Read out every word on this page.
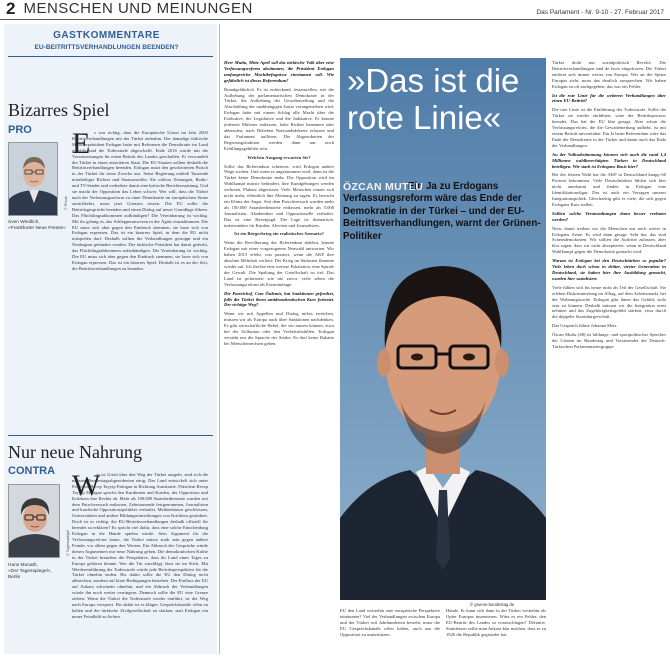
2 MENSCHEN UND MEINUNGEN	Das Parlament - Nr. 9-10 - 27. Februar 2017
GASTKOMMENTARE
EU-BEITRITTSVERHANDLUNGEN BEENDEN?
Bizarres Spiel
PRO
© Privat
Sven Weidlich,
»Frankfurter Neue Presse«
E s war richtig, dass die Europäische Union im Jahr 2005 Beitrittsverhandlungen mit der Türkei aufnahm. Der damalige türkische Ministerpräsident Erdogan hatte mit Reformen die Demokratie im Land gestärkt und die Todesstrafe abgeschafft. Ende 2016 wurde mit die Voraussetzungen für einen Beitritt des Landes geschaffen. Er verwandelt die Türkei in einen autoritären Staat. Die EU-Staaten sollten deshalb die Beitrittsverhandlungen beenden. Erdogan nutzt den gescheiterten Putsch in der Türkei für seine Zwecke aus. Seine Regierung entließ Tausende missliebiger Richter und Staatsanwälte. Sie schloss Zeitungen, Radio- und TV-Sender und verhaftete damit eine kritische Berichterstattung. Und sie macht der Opposition das Leben schwer. Wer will, dass die Türkei nach der Verfassungsreform zu einer Demokratie im europäischen Sinne zurückkehrt, muss jetzt Grenzen setzen. Die EU sollte die Beitrittsgespräche beenden und einen Dialog auf neuer Grundlage führen. Das Flüchtlingsabkommen aufkündigen? Die Vereinbarung ist wichtig. Mit ihr gelang es, das Schlepperunwesen in der Ägäis einzudämmen. Die EU muss sich aber gegen den Eindruck stemmen, sie lasse sich von Erdogan erpressen. Das ist ein bizarres Spiel, in dem die EU nicht mitspielen darf. Deshalb sollten die Verhandlungen gestoppt und ein Neubeginn gefunden werden. Der türkische Präsident hat damit gedroht, das Flüchtlingsabkommen aufzukündigen. Die Vereinbarung ist wichtig. Die EU muss sich aber gegen den Eindruck stemmen, sie lasse sich von Erdogan erpressen. Das ist ein bizarres Spiel. Deshalb ist es an der Zeit, die Beitrittsverhandlungen zu beenden.
Nur neue Nahrung
CONTRA
© Tagesspiegel
Hans Monath,
»Der Tagesspiegel«,
Berlin
W
as ist Urteil über den Weg der Türkei ausgeht, sind sich die meisten Bundestagsabgeordneten einig: Das Land entwickelt sich unter Präsident Recep Tayyip Erdogan in Richtung Autokratie. Präsident Recep Tayyip Erdogan spricht den Kurdinnen und Kurden, der Opposition und Kritikern ihre Rechte ab. Mehr als 100.000 Staatsbedienstete wurden seit dem Putschversuch entlassen, Zehntausende festgenommen, Journalisten und kurdische Oppositionspolitiker verhaftet. Medienhäuser geschlossen, Universitäten und andere Bildungseinrichtungen von Kritikern gesäubert. Doch ist es richtig, die EU-Beitrittsverhandlungen deshalb offiziell für beendet zu erklären? Es spricht viel dafür, dass eine solche Entscheidung Erdogan in die Hände spielen würde. Sein Argument für die Verfassungsreform lautet, die Türkei müsse stark sein gegen äußere Feinde, vor allem gegen den Westen. Ein Abbruch der Gespräche würde diesen Argumenten nur neue Nahrung geben. Die demokratischen Kräfte in der Türkei brauchen die Perspektive, dass ihr Land eines Tages zu Europa gehören könnte. Wer die Tür zuschlägt, lässt sie im Stich. Mit Wiedereinführung der Todesstrafe würde jede Beitrittsperspektive für die Türkei ohnehin enden. Bis dahin sollte die EU den Dialog nicht abbrechen, sondern auf klare Bedingungen bestehen. Der Einfluss der EU auf Ankara schwindet ohnehin, und ein Abbruch der Verhandlungen würde ihn noch weiter verringern. Dennoch sollte die EU eine Grenze ziehen: Wenn die Türkei die Todesstrafe wieder einführt, ist der Weg nach Europa versperrt. Bis dahin ist es klüger, Gesprächskanäle offen zu halten und die türkische Zivilgesellschaft zu stärken, statt Erdogan ein neues Feindbild zu liefern.

Herr Mutlu, Mitte April soll das türkische Volk über eine Verfassungsreform abstimmen, die Präsident Erdogan umfangreiche Machtbefugnisse einräumen soll. Wie gefährlich ist dieses Referendum?

Brandgefährlich. Es ist erdrückend, festzustellen, wie die Aufhebung der parlamentarischen Demokratie in der Türkei, die Aufhebung der Gewaltenteilung und die Abschaffung der unabhängigen Justiz vorangetrieben wird. Erdogan hätte mit einem Schlag alle Macht über die Exekutive, die Legislative und die Judikative. Er könnte jederzeit Minister entlassen, hohe Richter benennen oder abberufen, nach Belieben Notstandsdekrete erlassen und das Parlament auflösen. Die Abgeordneten der Regierungsfraktion werden dann nur noch Erfüllungsgehilfen sein.

Welchen Ausgang erwarten Sie?

Sollte das Referendum scheitern, wird Erdogan andere Wege suchen. Und wenn es angenommen wird, dann ist die Türkei keine Demokratie mehr. Die Opposition wird im Wahlkampf massiv behindert, ihre Kundgebungen werden verboten, Plakate abgerissen. Viele Menschen trauen sich nicht mehr, öffentlich ihre Meinung zu sagen. Es herrscht ein Klima der Angst. Seit dem Putschversuch wurden mehr als 100.000 Staatsbedienstete entlassen, mehr als 5.000 Journalisten, Akademiker und Oppositionelle verhaftet. Das ist eine Hexenjagd. Die Lage ist dramatisch, insbesondere für Kurden, Aleviten und Journalisten.

Ist ein Bürgerkrieg ein realistisches Szenario?

Wenn die Bevölkerung das Referendum ablehnt, könnte Erdogan mit einer vorgezogenen Neuwahl antworten. Wir haben 2015 erlebt, was passiert, wenn die AKP ihre absolute Mehrheit verliert: Der Krieg im Südosten flammte wieder auf. Ich fürchte eine weitere Eskalation, eine Spirale der Gewalt. Die Spaltung der Gesellschaft ist tief. Das Land ist polarisiert wie nie zuvor, viele sehen die Verfassungsreform als Existenzfrage.

Die Parteichef, Cem Özdemir, hat Sanktionen gefordert, falls die Türkei ihren antidemokratischen Kurs fortsetzt. Der richtige Weg?

Wenn wir mit Appellen und Dialog nichts erreichen, müssen wir als Europa auch über Sanktionen nachdenken. Es gibt wirtschaftliche Hebel, die wir nutzen können, etwa bei der Zollunion oder den Vorbeitrittshilfen. Erdogan versteht nur die Sprache der Stärke. Es darf keine Rabatte bei Menschenrechten geben.

»Das ist die rote Linie«
Ein Ja zu Erdogans Verfassungsreform wäre das Ende der Demokratie in der Türkei – und der EU-Beitrittsverhandlungen, warnt der Grünen-Politiker
ÖZCAN MUTLU
© gruene-bundestag.de

Türkei droht nur sozialpolitisch Revolte. Die Beitrittsverhandlungen sind de facto eingefroren. Die Türkei entfernt sich immer weiter von Europa. Wer an der Spitze Europas steht, muss das deutlich aussprechen. Wir haben Erdogan zu oft nachgegeben, das war ein Fehler.

Ist die rote Linie für die weiteren Verhandlungen über einen EU-Beitritt?

Die rote Linie ist die Einführung der Todesstrafe. Sollte die Türkei sie wieder einführen, wäre der Beitrittsprozess beendet. Das hat die EU klar gesagt. Aber schon die Verfassungsreform, die die Gewaltenteilung aufhebt, ist mit einem Beitritt unvereinbar. Ein Ja beim Referendum wäre das Ende der Demokratie in der Türkei und damit auch das Ende der Verhandlungen.

An der Volksabstimmung können sich auch die rund 1,4 Millionen wahlberechtigten Türken in Deutschland beteiligen. Wie stark ist Erdogans Basis hier?

Bei der letzten Wahl hat die AKP in Deutschland knapp 60 Prozent bekommen. Viele Deutschtürken fühlen sich hier nicht anerkannt und finden in Erdogan eine Identifikationsfigur. Das ist auch ein Versagen unserer Integrationspolitik. Gleichzeitig gibt es viele, die sich gegen Erdogans Kurs stellen.

Sollten solche Veranstaltungen dann besser verboten werden?

Nein, damit treiben wir die Menschen nur noch weiter in Erdogans Arme. Es wird dann gesagt: Seht her, das sind Scheindemokraten. Wir sollten die Auftritte zulassen, aber klar sagen, dass wir nicht akzeptieren, wenn in Deutschland Wahlkampf gegen die Demokratie gemacht wird.

Warum ist Erdogan bei den Deutschtürken so populär? Viele leben doch schon in dritter, vierter Generation in Deutschland, sie haben hier ihre Ausbildung gemacht, wurden hier sozialisiert.

Viele fühlen sich bis heute nicht als Teil der Gesellschaft. Sie erleben Diskriminierung im Alltag, auf dem Arbeitsmarkt, bei der Wohnungssuche. Erdogan gibt ihnen das Gefühl, stolz sein zu können. Deshalb müssen wir die Integration ernst nehmen und das Zugehörigkeitsgefühl stärken, etwa durch die doppelte Staatsbürgerschaft.

Das Gespräch führte Johanna Metz.

Özcan Mutlu (48) ist bildungs- und sportpolitischer Sprecher der Grünen im Bundestag und Vorsitzender der Deutsch-Türkischen Parlamentariergruppe.

EU den Land weiterhin eine europäische Perspektive einräumen? Viel der Verhandlungen zwischen Europa und der Türkei seit Jahrhunderten besteht, muss die EU Gesprächskanäle offen halten, auch um die Opposition zu unterstützen.
Hände. Er kann sich dann in der Türkei weiterhin als Opfer Europas inszenieren. Wäre es ein Fehler, den EU-Beitritt des Landes so vorzuschlagen? Definitiv. Stattdessen sollte man Ankara klar machen, dass es zu 1926 die Republik gegründet hat.
